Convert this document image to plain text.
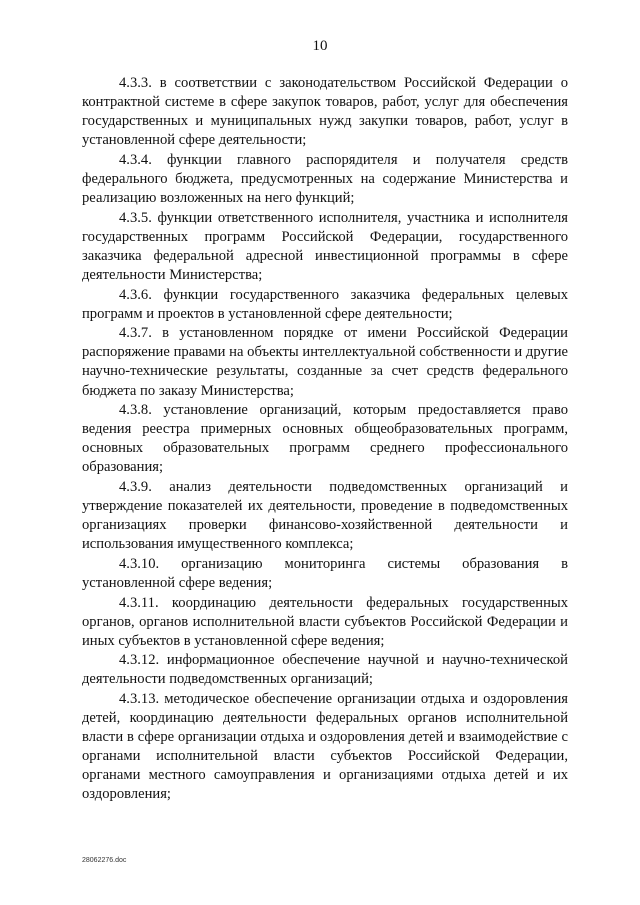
10

4.3.3. в соответствии с законодательством Российской Федерации о контрактной системе в сфере закупок товаров, работ, услуг для обеспечения государственных и муниципальных нужд закупки товаров, работ, услуг в установленной сфере деятельности;

4.3.4. функции главного распорядителя и получателя средств федерального бюджета, предусмотренных на содержание Министерства и реализацию возложенных на него функций;

4.3.5. функции ответственного исполнителя, участника и исполнителя государственных программ Российской Федерации, государственного заказчика федеральной адресной инвестиционной программы в сфере деятельности Министерства;

4.3.6. функции государственного заказчика федеральных целевых программ и проектов в установленной сфере деятельности;

4.3.7. в установленном порядке от имени Российской Федерации распоряжение правами на объекты интеллектуальной собственности и другие научно-технические результаты, созданные за счет средств федерального бюджета по заказу Министерства;

4.3.8. установление организаций, которым предоставляется право ведения реестра примерных основных общеобразовательных программ, основных образовательных программ среднего профессионального образования;

4.3.9. анализ деятельности подведомственных организаций и утверждение показателей их деятельности, проведение в подведомственных организациях проверки финансово-хозяйственной деятельности и использования имущественного комплекса;

4.3.10. организацию мониторинга системы образования в установленной сфере ведения;

4.3.11. координацию деятельности федеральных государственных органов, органов исполнительной власти субъектов Российской Федерации и иных субъектов в установленной сфере ведения;

4.3.12. информационное обеспечение научной и научно-технической деятельности подведомственных организаций;

4.3.13. методическое обеспечение организации отдыха и оздоровления детей, координацию деятельности федеральных органов исполнительной власти в сфере организации отдыха и оздоровления детей и взаимодействие с органами исполнительной власти субъектов Российской Федерации, органами местного самоуправления и организациями отдыха детей и их оздоровления;

28062276.doc
